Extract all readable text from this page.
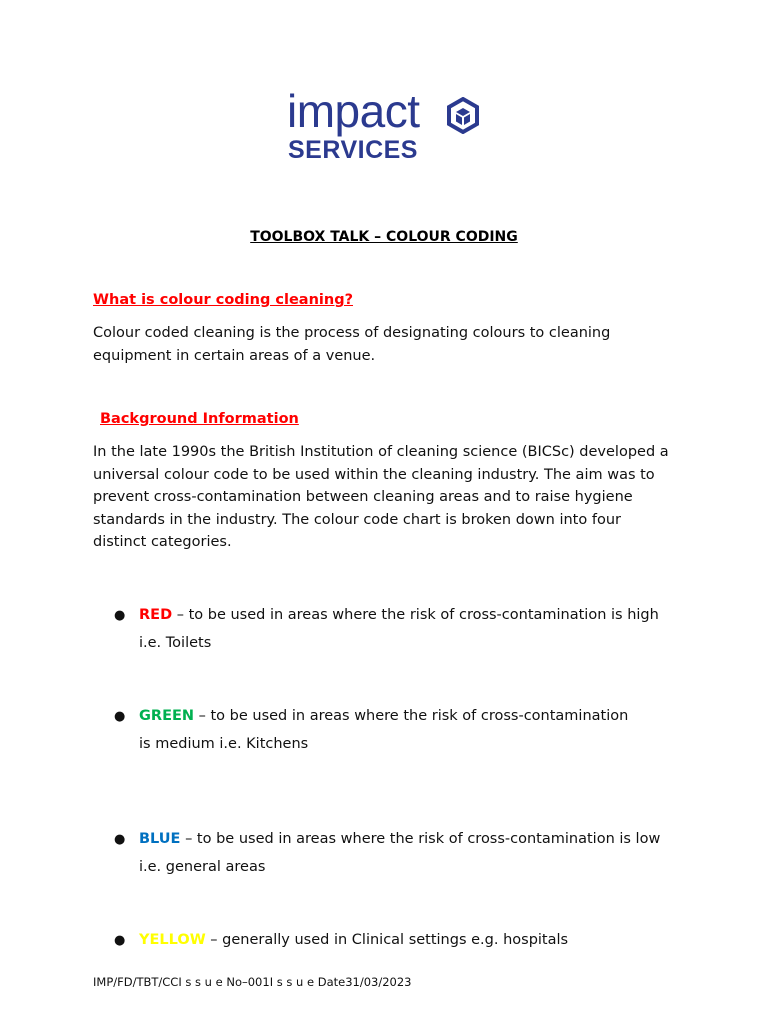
impact
SERVICES
TOOLBOX TALK – COLOUR CODING
What is colour coding cleaning?
Colour coded cleaning is the process of designating colours to cleaning
equipment in certain areas of a venue.
Background Information
In the late 1990s the British Institution of cleaning science (BICSc) developed a
universal colour code to be used within the cleaning industry. The aim was to
prevent cross-contamination between cleaning areas and to raise hygiene
standards in the industry. The colour code chart is broken down into four
distinct categories.
● RED – to be used in areas where the risk of cross-contamination is high
i.e. Toilets
● GREEN – to be used in areas where the risk of cross-contamination
is medium i.e. Kitchens
● BLUE – to be used in areas where the risk of cross-contamination is low
i.e. general areas
● YELLOW – generally used in Clinical settings e.g. hospitals
IMP/FD/TBT/CCI s s u e No–001I s s u e Date31/03/2023
